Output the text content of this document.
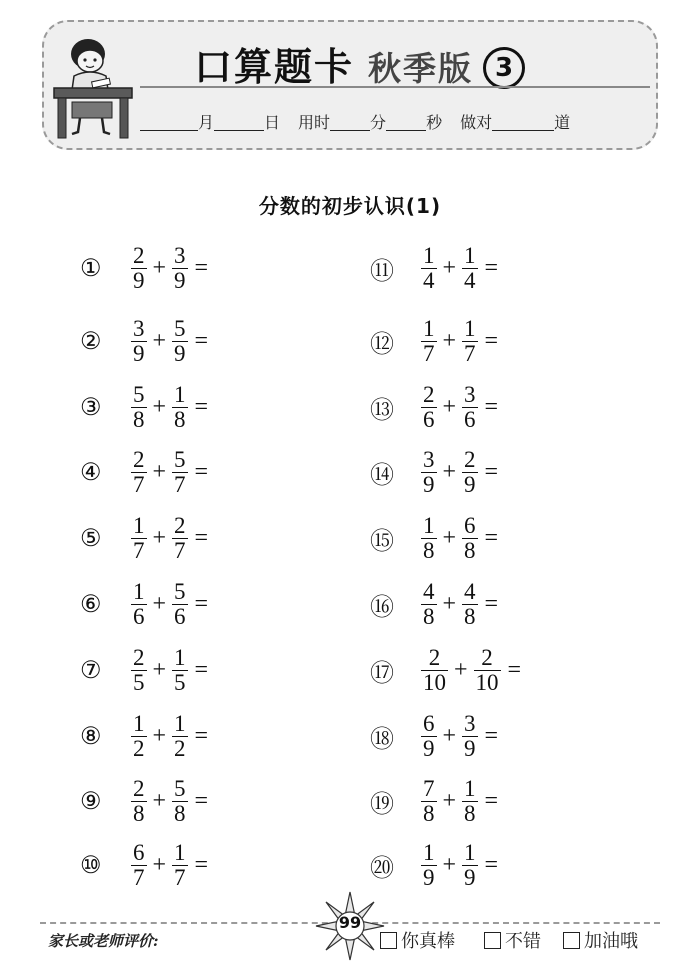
口算题卡 秋季版 3
月	日 用时	分	秒 做对	道
分数的初步认识(1)
①	$\frac{2}{9} + \frac{3}{9}$ =
②	$\frac{3}{9} + \frac{5}{9}$ =
③	$\frac{5}{8} + \frac{1}{8}$ =
④	$\frac{2}{7} + \frac{5}{7}$ =
⑤	$\frac{1}{7} + \frac{2}{7}$ =
⑥	$\frac{1}{6} + \frac{5}{6}$ =
⑦	$\frac{2}{5} + \frac{1}{5}$ =
⑧	$\frac{1}{2} + \frac{1}{2}$ =
⑨	$\frac{2}{8} + \frac{5}{8}$ =
⑩	$\frac{6}{7} + \frac{1}{7}$ =
⑪	$\frac{1}{4} + \frac{1}{4}$ =
⑫	$\frac{1}{7} + \frac{1}{7}$ =
⑬	$\frac{2}{6} + \frac{3}{6}$ =
⑭	$\frac{3}{9} + \frac{2}{9}$ =
⑮	$\frac{1}{8} + \frac{6}{8}$ =
⑯	$\frac{4}{8} + \frac{4}{8}$ =
⑰	$\frac{2}{10} + \frac{2}{10}$ =
⑱	$\frac{6}{9} + \frac{3}{9}$ =
⑲	$\frac{7}{8} + \frac{1}{8}$ =
⑳	$\frac{1}{9} + \frac{1}{9}$ =
家长或老师评价:
99
你真棒	不错	加油哦
